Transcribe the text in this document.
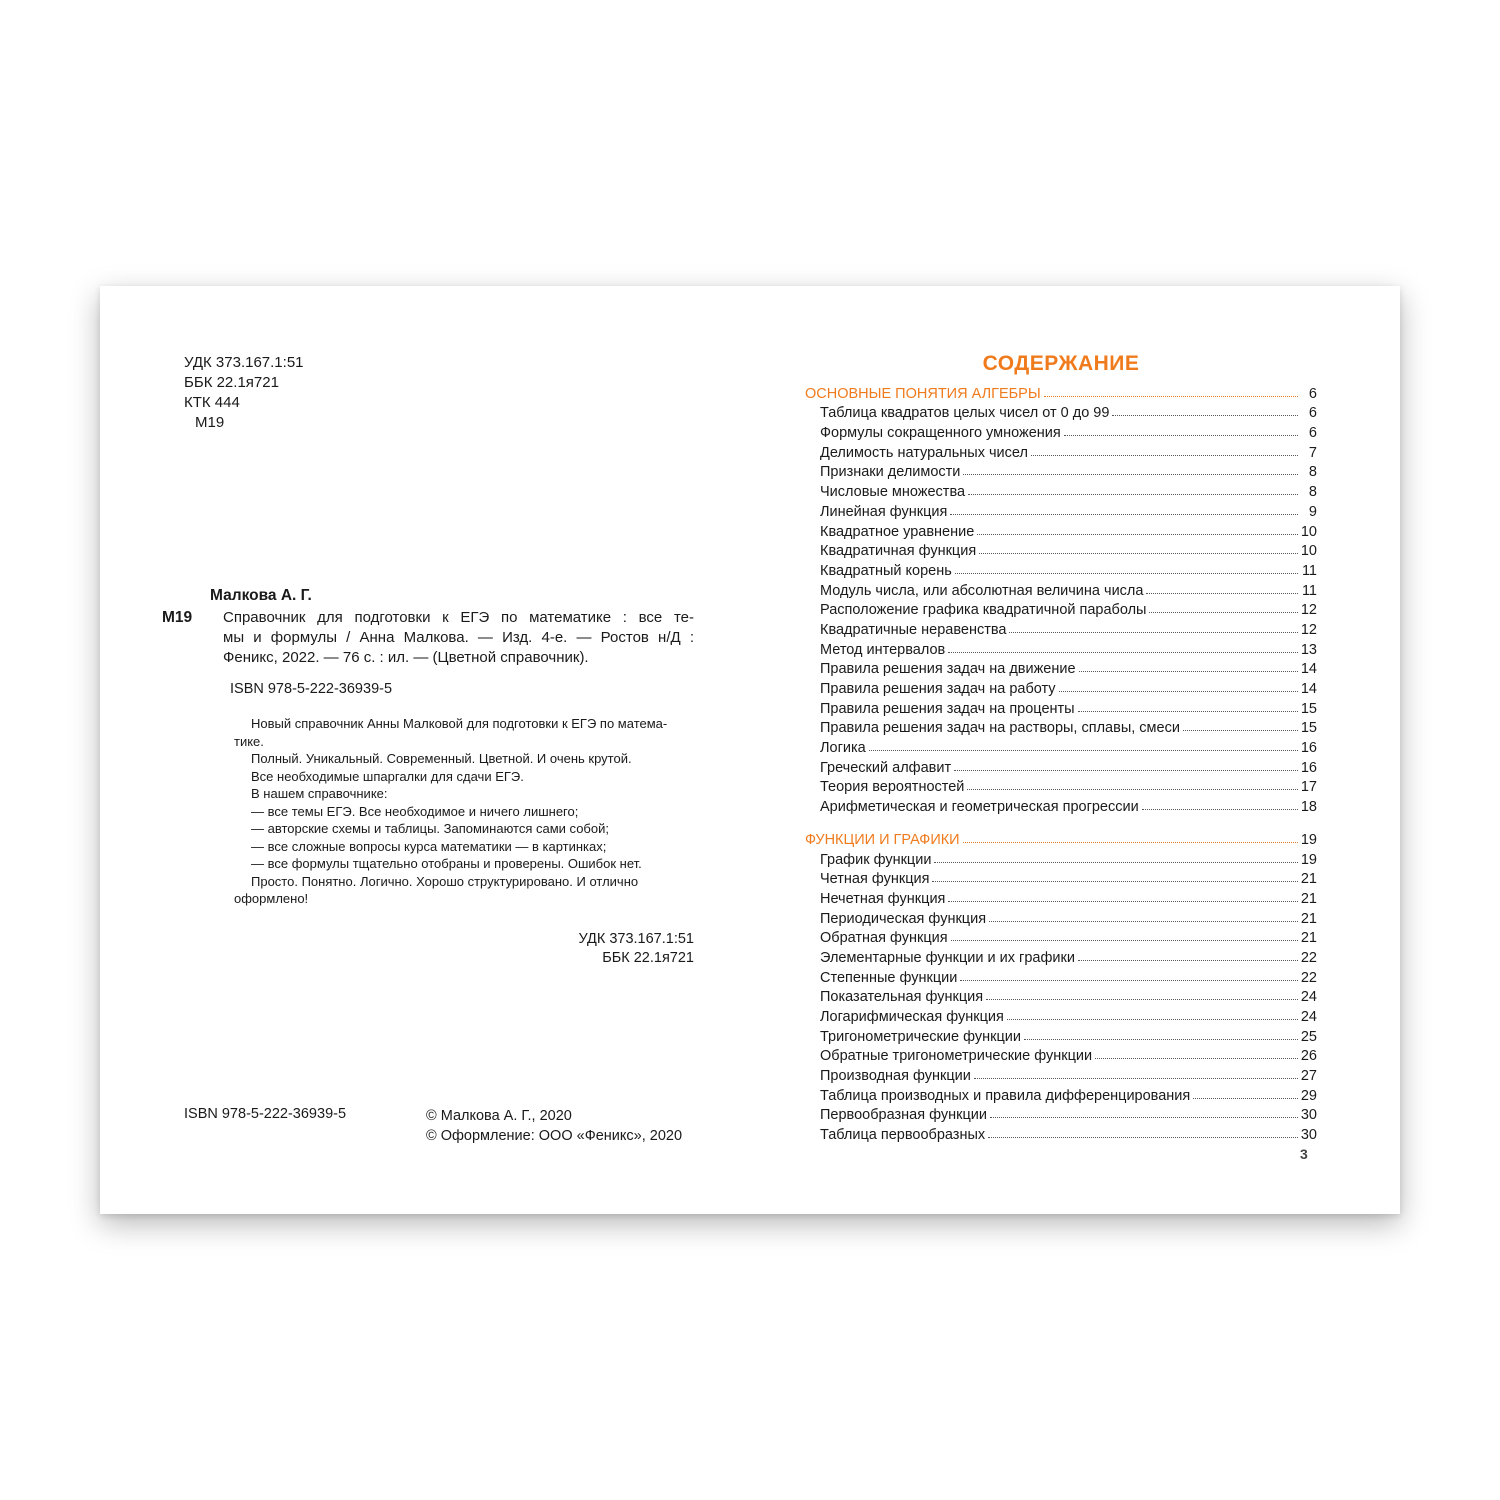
УДК 373.167.1:51
ББК 22.1я721
КТК 444
М19
Малкова А. Г.
М19 Справочник для подготовки к ЕГЭ по математике : все те-
мы и формулы / Анна Малкова. — Изд. 4-е. — Ростов н/Д :
Феникс, 2022. — 76 с. : ил. — (Цветной справочник).
ISBN 978-5-222-36939-5
Новый справочник Анны Малковой для подготовки к ЕГЭ по матема-
тике.
Полный. Уникальный. Современный. Цветной. И очень крутой.
Все необходимые шпаргалки для сдачи ЕГЭ.
В нашем справочнике:
— все темы ЕГЭ. Все необходимое и ничего лишнего;
— авторские схемы и таблицы. Запоминаются сами собой;
— все сложные вопросы курса математики — в картинках;
— все формулы тщательно отобраны и проверены. Ошибок нет.
Просто. Понятно. Логично. Хорошо структурировано. И отлично
оформлено!
УДК 373.167.1:51
ББК 22.1я721
ISBN 978-5-222-36939-5	© Малкова А. Г., 2020
© Оформление: ООО «Феникс», 2020
СОДЕРЖАНИЕ
ОСНОВНЫЕ ПОНЯТИЯ АЛГЕБРЫ	6
Таблица квадратов целых чисел от 0 до 99	6
Формулы сокращенного умножения	6
Делимость натуральных чисел	7
Признаки делимости	8
Числовые множества	8
Линейная функция	9
Квадратное уравнение	10
Квадратичная функция	10
Квадратный корень	11
Модуль числа, или абсолютная величина числа	11
Расположение графика квадратичной параболы	12
Квадратичные неравенства	12
Метод интервалов	13
Правила решения задач на движение	14
Правила решения задач на работу	14
Правила решения задач на проценты	15
Правила решения задач на растворы, сплавы, смеси	15
Логика	16
Греческий алфавит	16
Теория вероятностей	17
Арифметическая и геометрическая прогрессии	18
ФУНКЦИИ И ГРАФИКИ	19
График функции	19
Четная функция	21
Нечетная функция	21
Периодическая функция	21
Обратная функция	21
Элементарные функции и их графики	22
Степенные функции	22
Показательная функция	24
Логарифмическая функция	24
Тригонометрические функции	25
Обратные тригонометрические функции	26
Производная функции	27
Таблица производных и правила дифференцирования	29
Первообразная функции	30
Таблица первообразных	30
3
